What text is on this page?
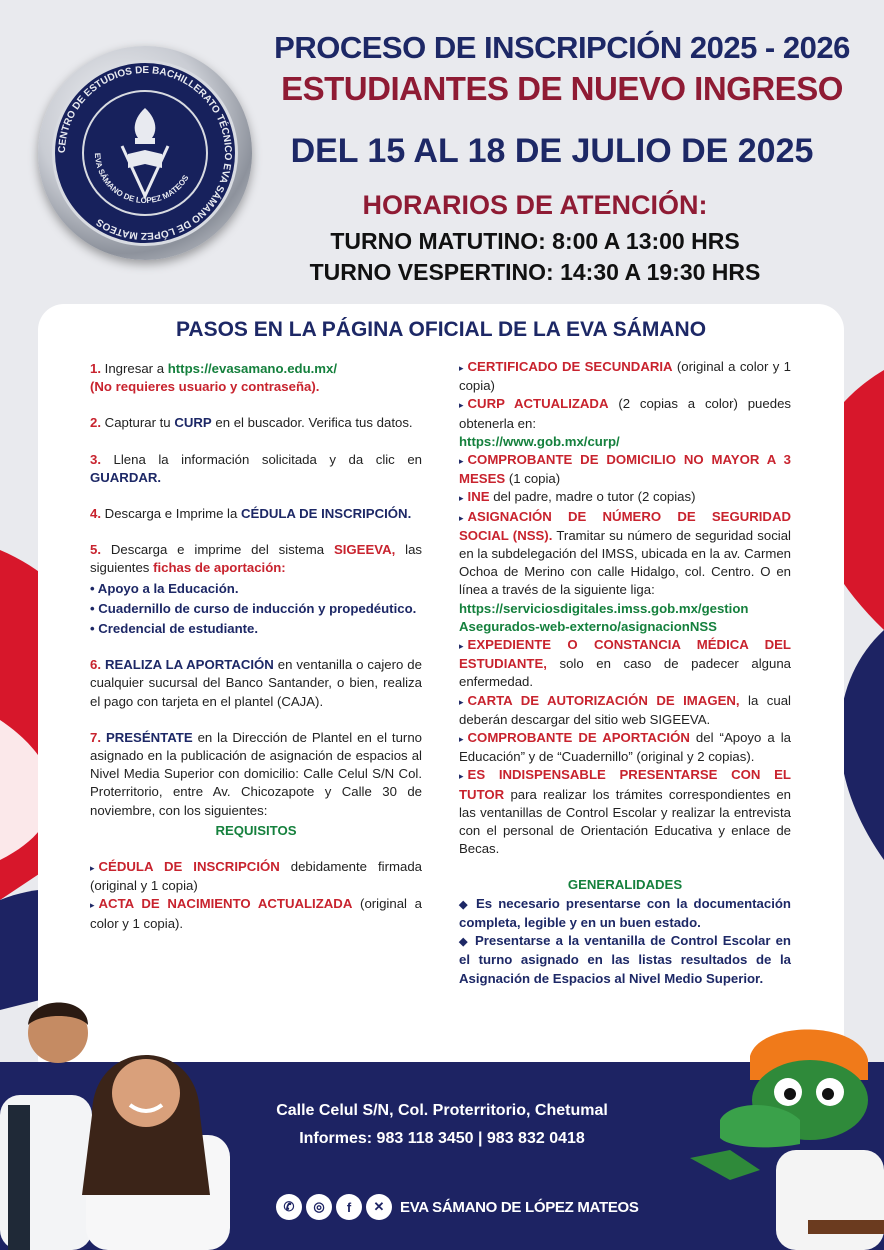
CENTRO DE ESTUDIOS DE BACHILLERATO TÉCNICO EVA SÁMANO DE LÓPEZ MATEOS
EVA SÁMANO DE LÓPEZ MATEOS
PROCESO DE INSCRIPCIÓN 2025 - 2026
ESTUDIANTES DE NUEVO INGRESO
DEL 15 AL 18 DE JULIO DE 2025
HORARIOS DE ATENCIÓN:
TURNO MATUTINO: 8:00 A 13:00 HRS
TURNO VESPERTINO: 14:30 A 19:30 HRS
PASOS EN LA PÁGINA OFICIAL DE LA EVA SÁMANO

1. Ingresar a https://evasamano.edu.mx/
(No requieres usuario y contraseña).

2. Capturar tu CURP en el buscador. Verifica tus datos.

3. Llena la información solicitada y da clic en GUARDAR.

4. Descarga e Imprime la CÉDULA DE INSCRIPCIÓN.

5. Descarga e imprime del sistema SIGEEVA, las siguientes fichas de aportación:

• Apoyo a la Educación.

• Cuadernillo de curso de inducción y propedéutico.

• Credencial de estudiante.

6. REALIZA LA APORTACIÓN en ventanilla o cajero de cualquier sucursal del Banco Santander, o bien, realiza el pago con tarjeta en el plantel (CAJA).

7. PRESÉNTATE en la Dirección de Plantel en el turno asignado en la publicación de asignación de espacios al Nivel Media Superior con domicilio: Calle Celul S/N Col. Proterritorio, entre Av. Chicozapote y Calle 30 de noviembre, con los siguientes:

REQUISITOS

▸ CÉDULA DE INSCRIPCIÓN debidamente firmada (original y 1 copia)

▸ ACTA DE NACIMIENTO ACTUALIZADA (original a color y 1 copia).

▸ CERTIFICADO DE SECUNDARIA (original a color y 1 copia)

▸ CURP ACTUALIZADA (2 copias a color) puedes obtenerla en:
https://www.gob.mx/curp/

▸ COMPROBANTE DE DOMICILIO NO MAYOR A 3 MESES (1 copia)

▸ INE del padre, madre o tutor (2 copias)

▸ ASIGNACIÓN DE NÚMERO DE SEGURIDAD SOCIAL (NSS). Tramitar su número de seguridad social en la subdelegación del IMSS, ubicada en la av. Carmen Ochoa de Merino con calle Hidalgo, col. Centro. O en línea a través de la siguiente liga:
https://serviciosdigitales.imss.gob.mx/gestion
Asegurados-web-externo/asignacionNSS

▸ EXPEDIENTE O CONSTANCIA MÉDICA DEL ESTUDIANTE, solo en caso de padecer alguna enfermedad.

▸ CARTA DE AUTORIZACIÓN DE IMAGEN, la cual deberán descargar del sitio web SIGEEVA.

▸ COMPROBANTE DE APORTACIÓN del “Apoyo a la Educación” y de “Cuadernillo” (original y 2 copias).

▸ ES INDISPENSABLE PRESENTARSE CON EL TUTOR para realizar los trámites correspondientes en las ventanillas de Control Escolar y realizar la entrevista con el personal de Orientación Educativa y enlace de Becas.

GENERALIDADES

◆ Es necesario presentarse con la documentación completa, legible y en un buen estado.

◆ Presentarse a la ventanilla de Control Escolar en el turno asignado en las listas resultados de la Asignación de Espacios al Nivel Medio Superior.

Calle Celul S/N, Col. Proterritorio, Chetumal
Informes: 983 118 3450 | 983 832 0418
✆	◎	f	✕	EVA SÁMANO DE LÓPEZ MATEOS
